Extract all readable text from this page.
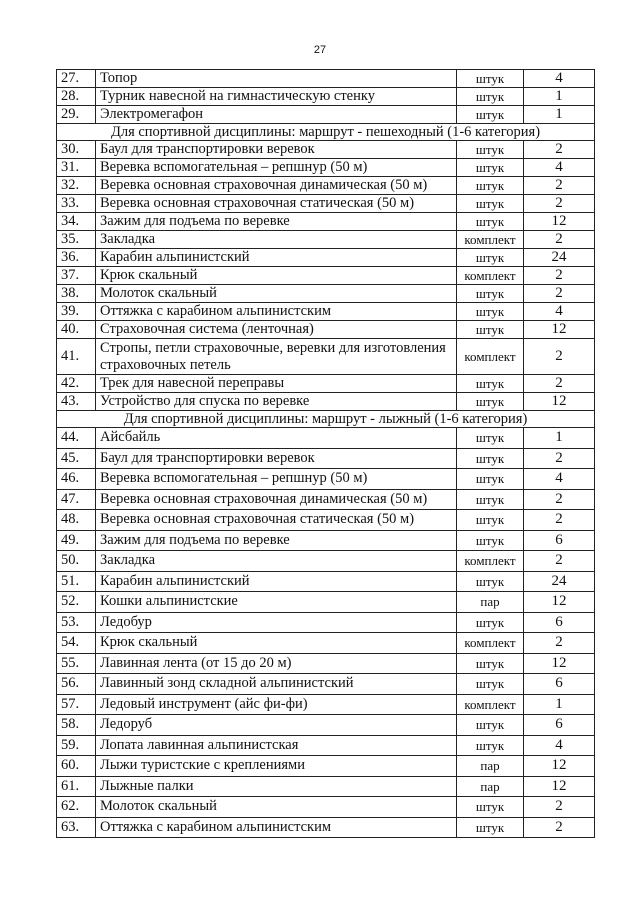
27
27.	Топор	штук	4
28.	Турник навесной на гимнастическую стенку	штук	1
29.	Электромегафон	штук	1
Для спортивной дисциплины: маршрут - пешеходный (1-6 категория)			
30.	Баул для транспортировки веревок	штук	2
31.	Веревка вспомогательная – репшнур (50 м)	штук	4
32.	Веревка основная страховочная динамическая (50 м)	штук	2
33.	Веревка основная страховочная статическая (50 м)	штук	2
34.	Зажим для подъема по веревке	штук	12
35.	Закладка	комплект	2
36.	Карабин альпинистский	штук	24
37.	Крюк скальный	комплект	2
38.	Молоток скальный	штук	2
39.	Оттяжка с карабином альпинистским	штук	4
40.	Страховочная система (ленточная)	штук	12
41.	Стропы, петли страховочные, веревки для изготовления страховочных петель	комплект	2
42.	Трек для навесной переправы	штук	2
43.	Устройство для спуска по веревке	штук	12
Для спортивной дисциплины: маршрут - лыжный (1-6 категория)			
44.	Айсбайль	штук	1
45.	Баул для транспортировки веревок	штук	2
46.	Веревка вспомогательная – репшнур (50 м)	штук	4
47.	Веревка основная страховочная динамическая (50 м)	штук	2
48.	Веревка основная страховочная статическая (50 м)	штук	2
49.	Зажим для подъема по веревке	штук	6
50.	Закладка	комплект	2
51.	Карабин альпинистский	штук	24
52.	Кошки альпинистские	пар	12
53.	Ледобур	штук	6
54.	Крюк скальный	комплект	2
55.	Лавинная лента (от 15 до 20 м)	штук	12
56.	Лавинный зонд складной альпинистский	штук	6
57.	Ледовый инструмент (айс фи-фи)	комплект	1
58.	Ледоруб	штук	6
59.	Лопата лавинная альпинистская	штук	4
60.	Лыжи туристские с креплениями	пар	12
61.	Лыжные палки	пар	12
62.	Молоток скальный	штук	2
63.	Оттяжка с карабином альпинистским	штук	2
